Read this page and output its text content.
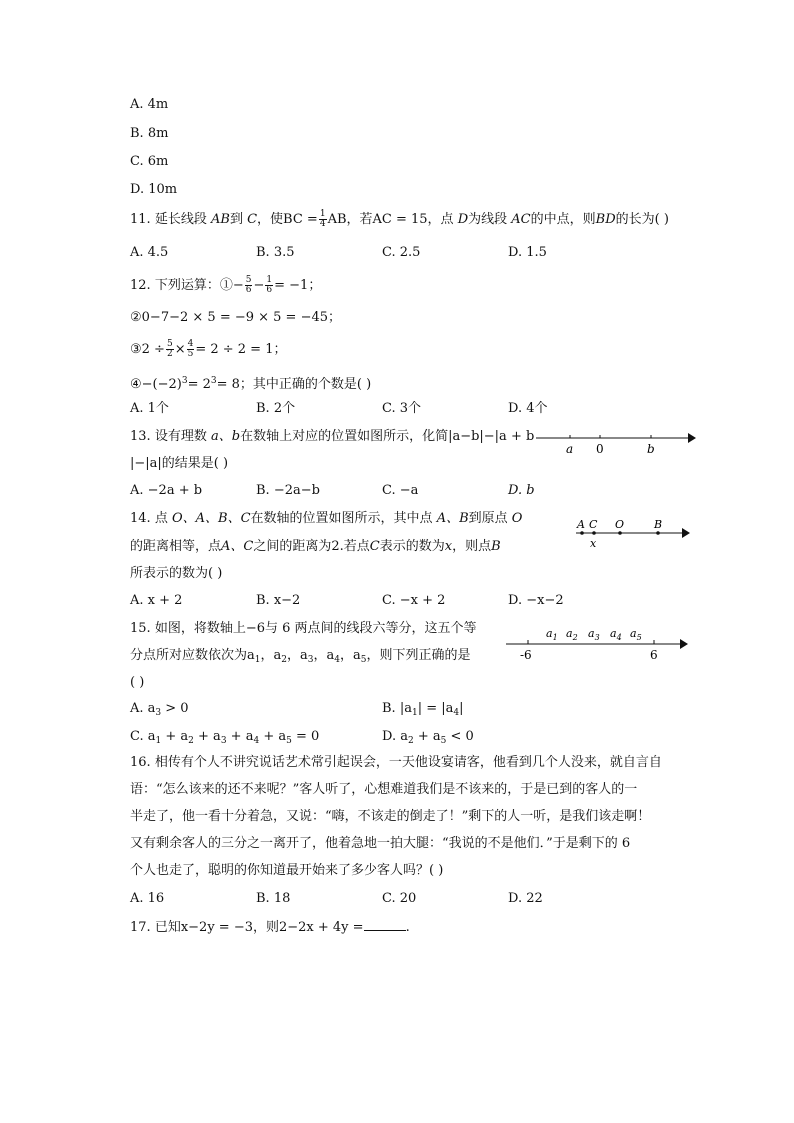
A. 4m
B. 8m
C. 6m
D. 10m
11. 延长线段 AB到 C，使BC = $\frac{1}{4}$ AB，若AC = 15，点 D为线段 AC的中点，则BD的长为( )
A. 4.5	B. 3.5	C. 2.5	D. 1.5
12. 下列运算：①− $\frac{5}{6} - \frac{1}{6} = -1$；
②0−7−2 × 5 = −9 × 5 = −45；
③2 ÷ $\frac{5}{2} \times \frac{4}{5} = 2 \div 2 = 1$；
$④-(-2)^3= 2^3= 8$；其中正确的个数是( )
A. 1个	B. 2个	C. 3个	D. 4个
13. 设有理数 a、b在数轴上对应的位置如图所示，化简|a−b|−|a + b
|−|a|的结果是( )
a 0	b
A. −2a + b	B. −2a−b	C. −a	D. b
14. 点 O、A、B、C在数轴的位置如图所示，其中点 A、B到原点 O
的距离相等，点A、C之间的距离为2.若点C表示的数为x，则点B
所表示的数为( )
A C O	B
x
A. x + 2	B. x−2	C. −x + 2	D. −x−2
15. 如图，将数轴上−6与 6 两点间的线段六等分，这五个等
分点所对应数依次为$a_1$，$a_2$，$a_3$，$a_4$，$a_5$，则下列正确的是
( )
$a_1$ $a_2$ $a_3$ $a_4$ $a_5$
-6	6
A. $a_3 > 0$	B. $|a_1| = |a_4|$
C. $a_1 + a_2 + a_3 + a_4 + a_5 = 0$	D. $a_2 + a_5 < 0$
16. 相传有个人不讲究说话艺术常引起误会，一天他设宴请客，他看到几个人没来，就自言自
语：“怎么该来的还不来呢？”客人听了，心想难道我们是不该来的，于是已到的客人的一
半走了，他一看十分着急，又说：“嗨，不该走的倒走了！”剩下的人一听，是我们该走啊！
又有剩余客人的三分之一离开了，他着急地一拍大腿：“我说的不是他们．”于是剩下的 6
个人也走了，聪明的你知道最开始来了多少客人吗？( )
A. 16	B. 18	C. 20	D. 22
17. 已知x−2y = −3，则2−2x + 4y =	.
